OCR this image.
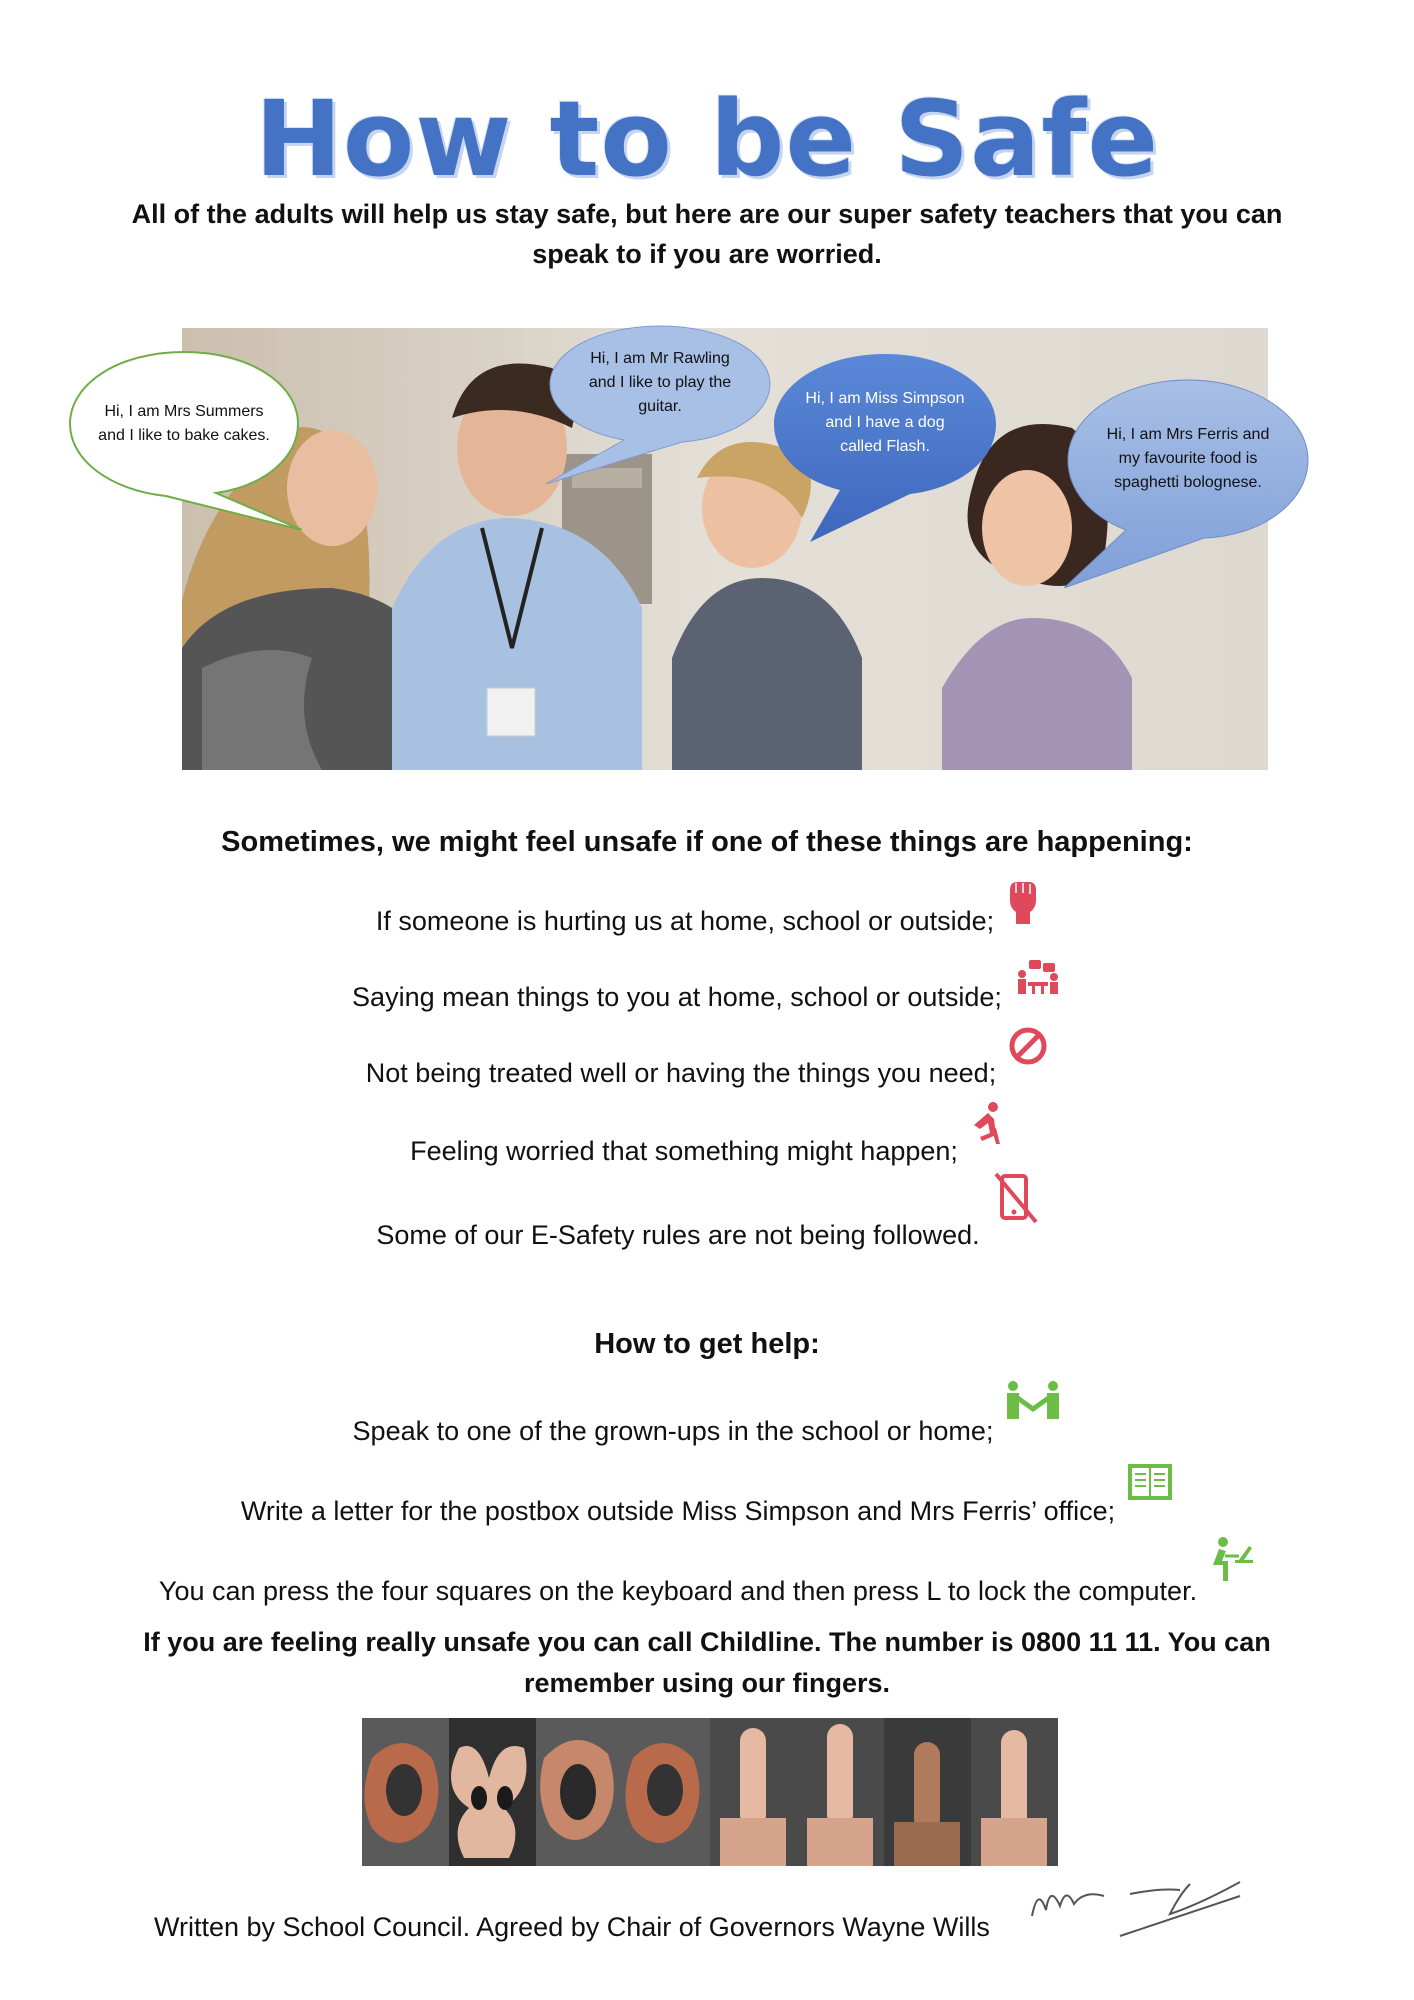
How to be Safe
All of the adults will help us stay safe, but here are our super safety teachers that you can speak to if you are worried.
Hi, I am Mrs Summers and I like to bake cakes.
Hi, I am Mr Rawling and I like to play the guitar.	Hi, I am Miss Simpson and I have a dog called Flash.
Hi, I am Mrs Ferris and my favourite food is spaghetti bolognese.
Sometimes, we might feel unsafe if one of these things are happening:
If someone is hurting us at home, school or outside;
Saying mean things to you at home, school or outside;
Not being treated well or having the things you need;
Feeling worried that something might happen;
Some of our E-Safety rules are not being followed.
How to get help:
Speak to one of the grown-ups in the school or home;
Write a letter for the postbox outside Miss Simpson and Mrs Ferris’ office;
You can press the four squares on the keyboard and then press L to lock the computer.
If you are feeling really unsafe you can call Childline. The number is 0800 11 11. You can remember using our fingers.
Written by School Council. Agreed by Chair of Governors Wayne Wills
